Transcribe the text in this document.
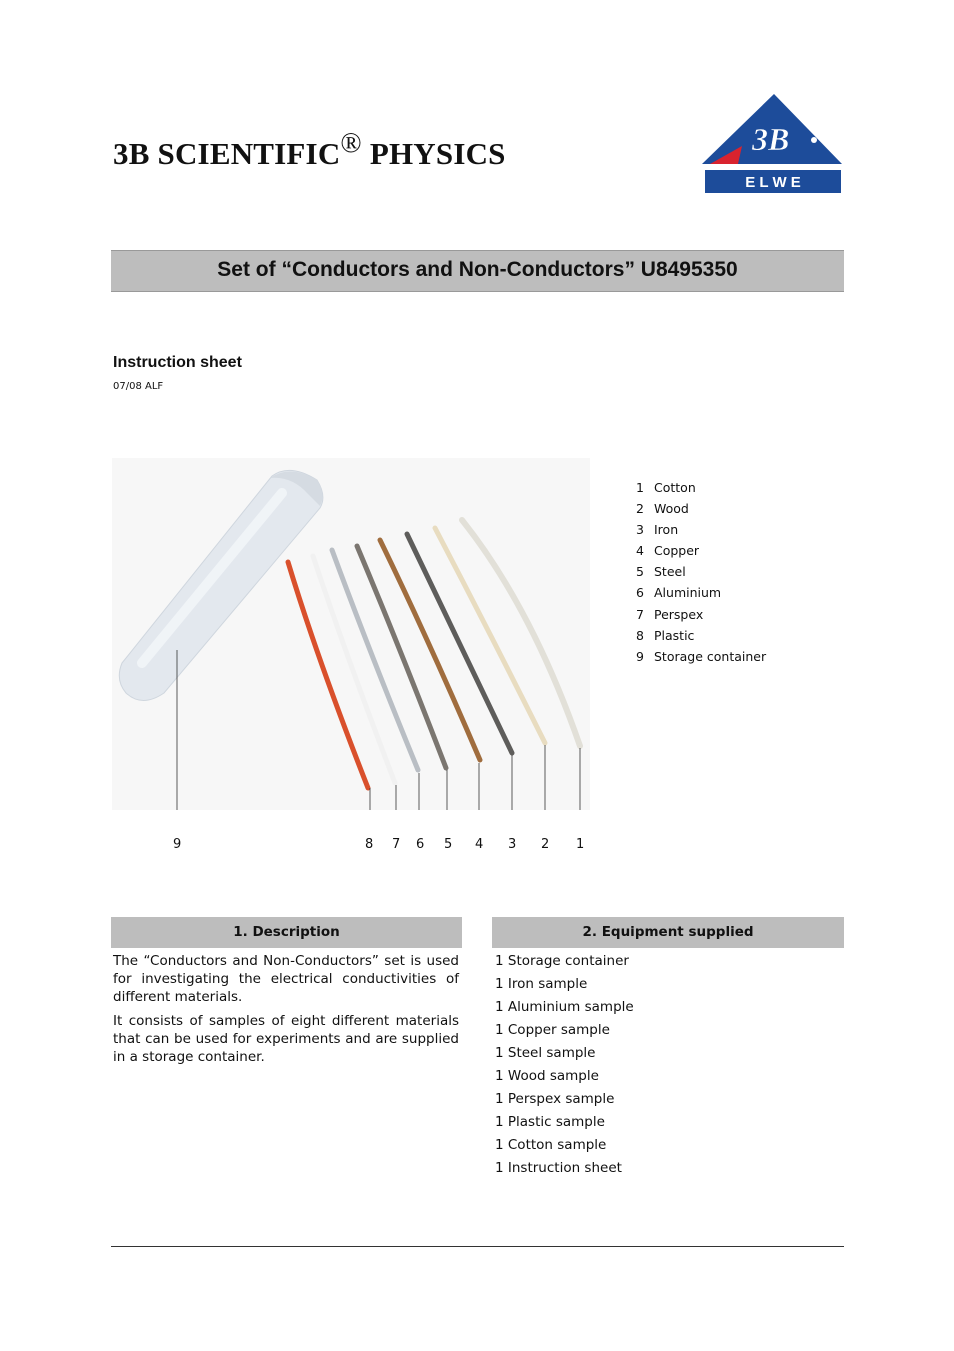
3B SCIENTIFIC® PHYSICS	3B
E L W E
Set of “Conductors and Non-Conductors” U8495350
Instruction sheet
07/08 ALF
1 Cotton
2 Wood
3 Iron
4 Copper
5 Steel
6 Aluminium
7 Perspex
8 Plastic
9 Storage container
9	8 7 6 5 4 3 2 1
1. Description	2. Equipment supplied

The “Conductors and Non-Conductors” set is used for investigating the electrical conductivities of different materials.

It consists of samples of eight different materials that can be used for experiments and are supplied in a storage container.

1 Storage container
1 Iron sample
1 Aluminium sample
1 Copper sample
1 Steel sample
1 Wood sample
1 Perspex sample
1 Plastic sample
1 Cotton sample
1 Instruction sheet
